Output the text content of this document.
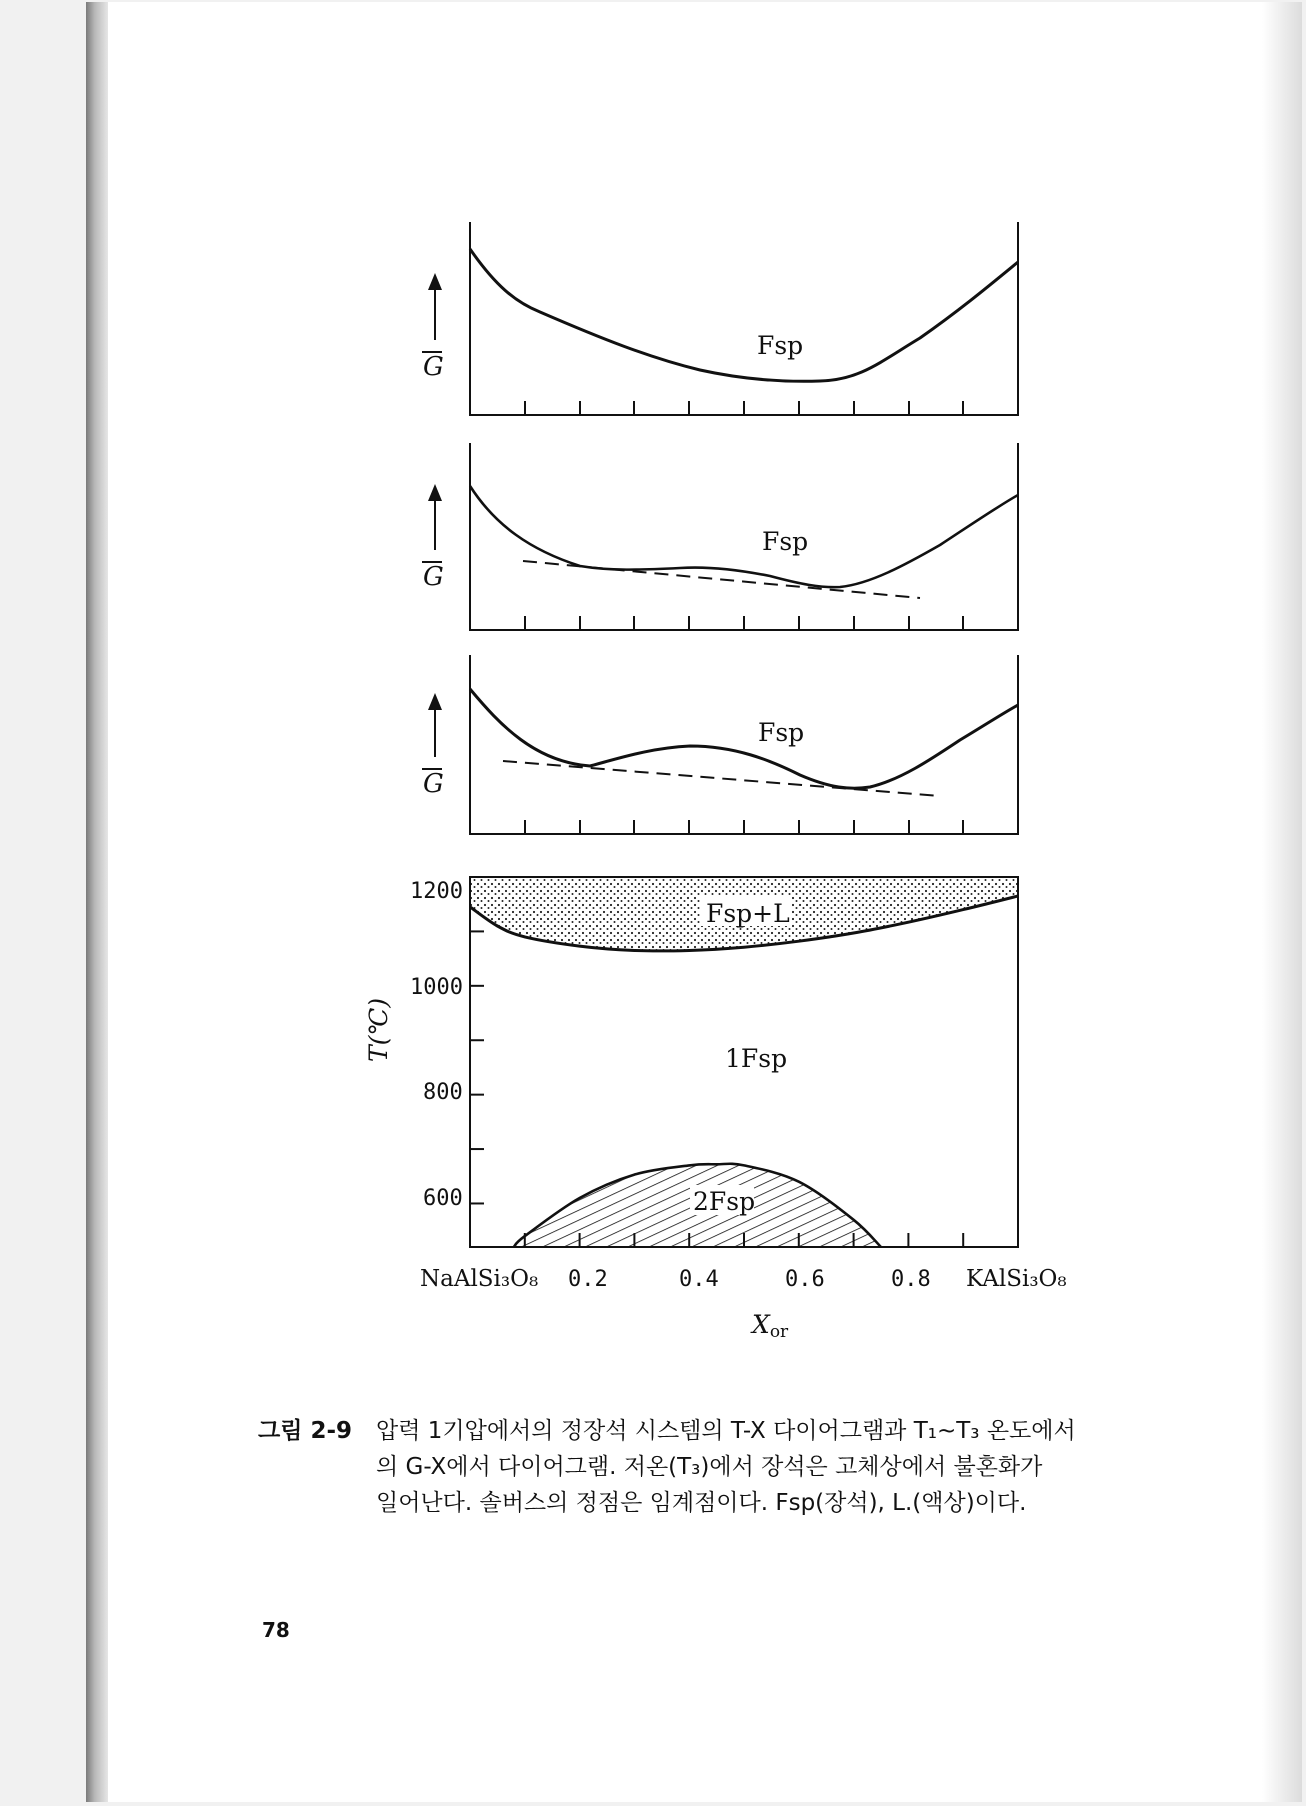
Fsp
G
Fsp
G
Fsp
G
Fsp+L
1Fsp
2Fsp
1200
1000
800
600
T(℃)
NaAlSi₃O₈ 0.2	0.4	0.6	0.8 KAlSi₃O₈
Xor
그림 2-9 압력 1기압에서의 정장석 시스템의 T-X 다이어그램과 T₁~T₃ 온도에서
의 G-X에서 다이어그램. 저온(T₃)에서 장석은 고체상에서 불혼화가
일어난다. 솔버스의 정점은 임계점이다. Fsp(장석), L.(액상)이다.
78
